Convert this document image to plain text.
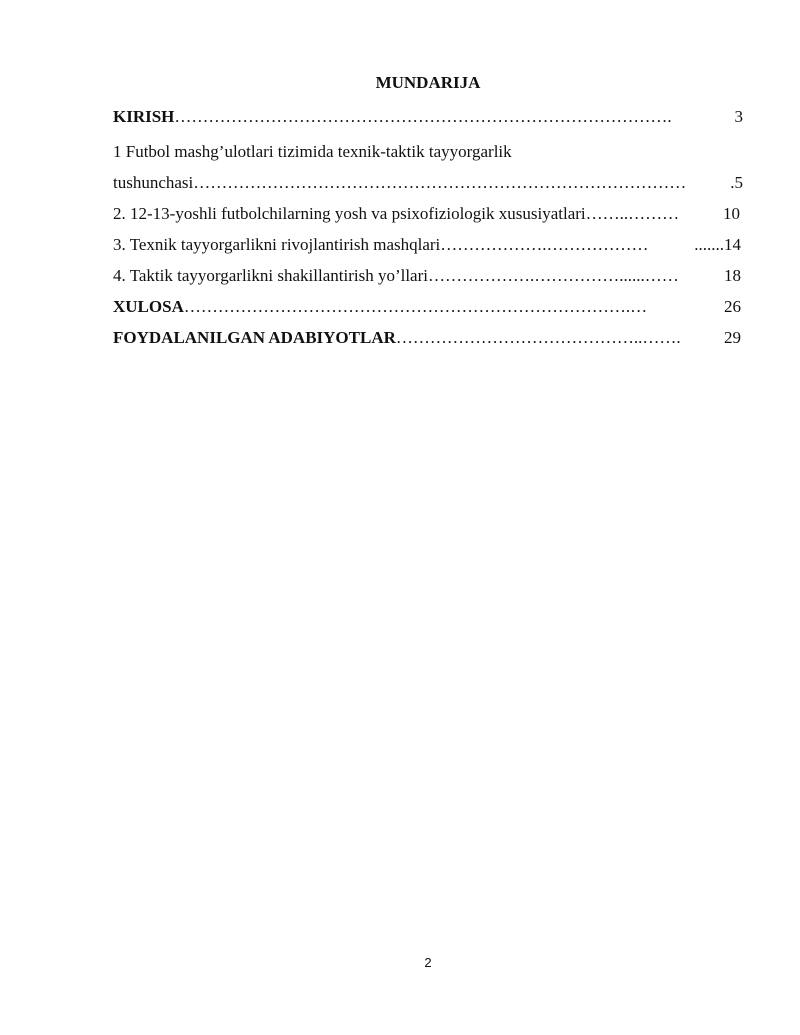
MUNDARIJA
KIRISH …………………………………………………………………………….	3
1 Futbol mashg’ulotlari tizimida texnik-taktik tayyorgarlik
tushunchasi ……………………………………………………………………………	.5
2. 12-13-yoshli futbolchilarning yosh va psixofiziologik xususiyatlari ……..………	10
3. Texnik tayyorgarlikni rivojlantirish mashqlari ……………….………………	.......14
4. Taktik tayyorgarlikni shakillantirish yo’llari ……………….……………......……	18
XULOSA …………………………………………………………………….…	26
FOYDALANILGAN ADABIYOTLAR ……………………………………..…….	29
2
